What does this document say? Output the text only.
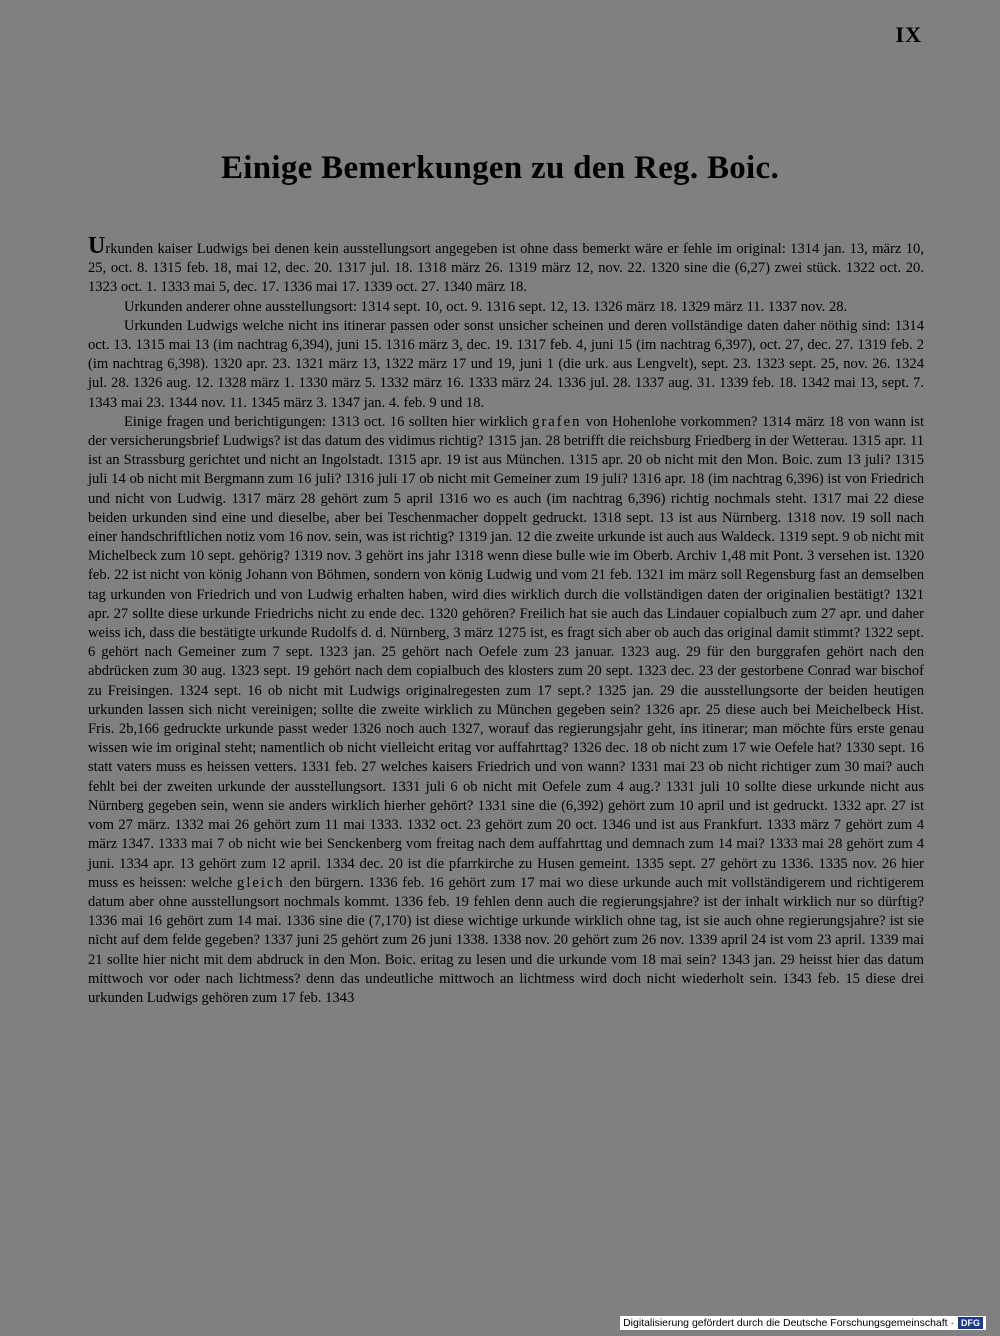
IX
Einige Bemerkungen zu den Reg. Boic.

Urkunden kaiser Ludwigs bei denen kein ausstellungsort angegeben ist ohne dass bemerkt wäre er fehle im original: 1314 jan. 13, märz 10, 25, oct. 8. 1315 feb. 18, mai 12, dec. 20. 1317 jul. 18. 1318 märz 26. 1319 märz 12, nov. 22. 1320 sine die (6,27) zwei stück. 1322 oct. 20. 1323 oct. 1. 1333 mai 5, dec. 17. 1336 mai 17. 1339 oct. 27. 1340 märz 18.

Urkunden anderer ohne ausstellungsort: 1314 sept. 10, oct. 9. 1316 sept. 12, 13. 1326 märz 18. 1329 märz 11. 1337 nov. 28.

Urkunden Ludwigs welche nicht ins itinerar passen oder sonst unsicher scheinen und deren vollständige daten daher nöthig sind: 1314 oct. 13. 1315 mai 13 (im nachtrag 6,394), juni 15. 1316 märz 3, dec. 19. 1317 feb. 4, juni 15 (im nachtrag 6,397), oct. 27, dec. 27. 1319 feb. 2 (im nachtrag 6,398). 1320 apr. 23. 1321 märz 13, 1322 märz 17 und 19, juni 1 (die urk. aus Lengvelt), sept. 23. 1323 sept. 25, nov. 26. 1324 jul. 28. 1326 aug. 12. 1328 märz 1. 1330 märz 5. 1332 märz 16. 1333 märz 24. 1336 jul. 28. 1337 aug. 31. 1339 feb. 18. 1342 mai 13, sept. 7. 1343 mai 23. 1344 nov. 11. 1345 märz 3. 1347 jan. 4. feb. 9 und 18.

Einige fragen und berichtigungen: 1313 oct. 16 sollten hier wirklich grafen von Hohenlohe vorkommen? 1314 märz 18 von wann ist der versicherungsbrief Ludwigs? ist das datum des vidimus richtig? 1315 jan. 28 betrifft die reichsburg Friedberg in der Wetterau. 1315 apr. 11 ist an Strassburg gerichtet und nicht an Ingolstadt. 1315 apr. 19 ist aus München. 1315 apr. 20 ob nicht mit den Mon. Boic. zum 13 juli? 1315 juli 14 ob nicht mit Bergmann zum 16 juli? 1316 juli 17 ob nicht mit Gemeiner zum 19 juli? 1316 apr. 18 (im nachtrag 6,396) ist von Friedrich und nicht von Ludwig. 1317 märz 28 gehört zum 5 april 1316 wo es auch (im nachtrag 6,396) richtig nochmals steht. 1317 mai 22 diese beiden urkunden sind eine und dieselbe, aber bei Teschenmacher doppelt gedruckt. 1318 sept. 13 ist aus Nürnberg. 1318 nov. 19 soll nach einer handschriftlichen notiz vom 16 nov. sein, was ist richtig? 1319 jan. 12 die zweite urkunde ist auch aus Waldeck. 1319 sept. 9 ob nicht mit Michelbeck zum 10 sept. gehörig? 1319 nov. 3 gehört ins jahr 1318 wenn diese bulle wie im Oberb. Archiv 1,48 mit Pont. 3 versehen ist. 1320 feb. 22 ist nicht von könig Johann von Böhmen, sondern von könig Ludwig und vom 21 feb. 1321 im märz soll Regensburg fast an demselben tag urkunden von Friedrich und von Ludwig erhalten haben, wird dies wirklich durch die vollständigen daten der originalien bestätigt? 1321 apr. 27 sollte diese urkunde Friedrichs nicht zu ende dec. 1320 gehören? Freilich hat sie auch das Lindauer copialbuch zum 27 apr. und daher weiss ich, dass die bestätigte urkunde Rudolfs d. d. Nürnberg, 3 märz 1275 ist, es fragt sich aber ob auch das original damit stimmt? 1322 sept. 6 gehört nach Gemeiner zum 7 sept. 1323 jan. 25 gehört nach Oefele zum 23 januar. 1323 aug. 29 für den burggrafen gehört nach den abdrücken zum 30 aug. 1323 sept. 19 gehört nach dem copialbuch des klosters zum 20 sept. 1323 dec. 23 der gestorbene Conrad war bischof zu Freisingen. 1324 sept. 16 ob nicht mit Ludwigs originalregesten zum 17 sept.? 1325 jan. 29 die ausstellungsorte der beiden heutigen urkunden lassen sich nicht vereinigen; sollte die zweite wirklich zu München gegeben sein? 1326 apr. 25 diese auch bei Meichelbeck Hist. Fris. 2b,166 gedruckte urkunde passt weder 1326 noch auch 1327, worauf das regierungsjahr geht, ins itinerar; man möchte fürs erste genau wissen wie im original steht; namentlich ob nicht vielleicht eritag vor auffahrttag? 1326 dec. 18 ob nicht zum 17 wie Oefele hat? 1330 sept. 16 statt vaters muss es heissen vetters. 1331 feb. 27 welches kaisers Friedrich und von wann? 1331 mai 23 ob nicht richtiger zum 30 mai? auch fehlt bei der zweiten urkunde der ausstellungsort. 1331 juli 6 ob nicht mit Oefele zum 4 aug.? 1331 juli 10 sollte diese urkunde nicht aus Nürnberg gegeben sein, wenn sie anders wirklich hierher gehört? 1331 sine die (6,392) gehört zum 10 april und ist gedruckt. 1332 apr. 27 ist vom 27 märz. 1332 mai 26 gehört zum 11 mai 1333. 1332 oct. 23 gehört zum 20 oct. 1346 und ist aus Frankfurt. 1333 märz 7 gehört zum 4 märz 1347. 1333 mai 7 ob nicht wie bei Senckenberg vom freitag nach dem auffahrttag und demnach zum 14 mai? 1333 mai 28 gehört zum 4 juni. 1334 apr. 13 gehört zum 12 april. 1334 dec. 20 ist die pfarrkirche zu Husen gemeint. 1335 sept. 27 gehört zu 1336. 1335 nov. 26 hier muss es heissen: welche gleich den bürgern. 1336 feb. 16 gehört zum 17 mai wo diese urkunde auch mit vollständigerem und richtigerem datum aber ohne ausstellungsort nochmals kommt. 1336 feb. 19 fehlen denn auch die regierungsjahre? ist der inhalt wirklich nur so dürftig? 1336 mai 16 gehört zum 14 mai. 1336 sine die (7,170) ist diese wichtige urkunde wirklich ohne tag, ist sie auch ohne regierungsjahre? ist sie nicht auf dem felde gegeben? 1337 juni 25 gehört zum 26 juni 1338. 1338 nov. 20 gehört zum 26 nov. 1339 april 24 ist vom 23 april. 1339 mai 21 sollte hier nicht mit dem abdruck in den Mon. Boic. eritag zu lesen und die urkunde vom 18 mai sein? 1343 jan. 29 heisst hier das datum mittwoch vor oder nach lichtmess? denn das undeutliche mittwoch an lichtmess wird doch nicht wiederholt sein. 1343 feb. 15 diese drei urkunden Ludwigs gehören zum 17 feb. 1343

Digitalisierung gefördert durch die Deutsche Forschungsgemeinschaft · DFG
